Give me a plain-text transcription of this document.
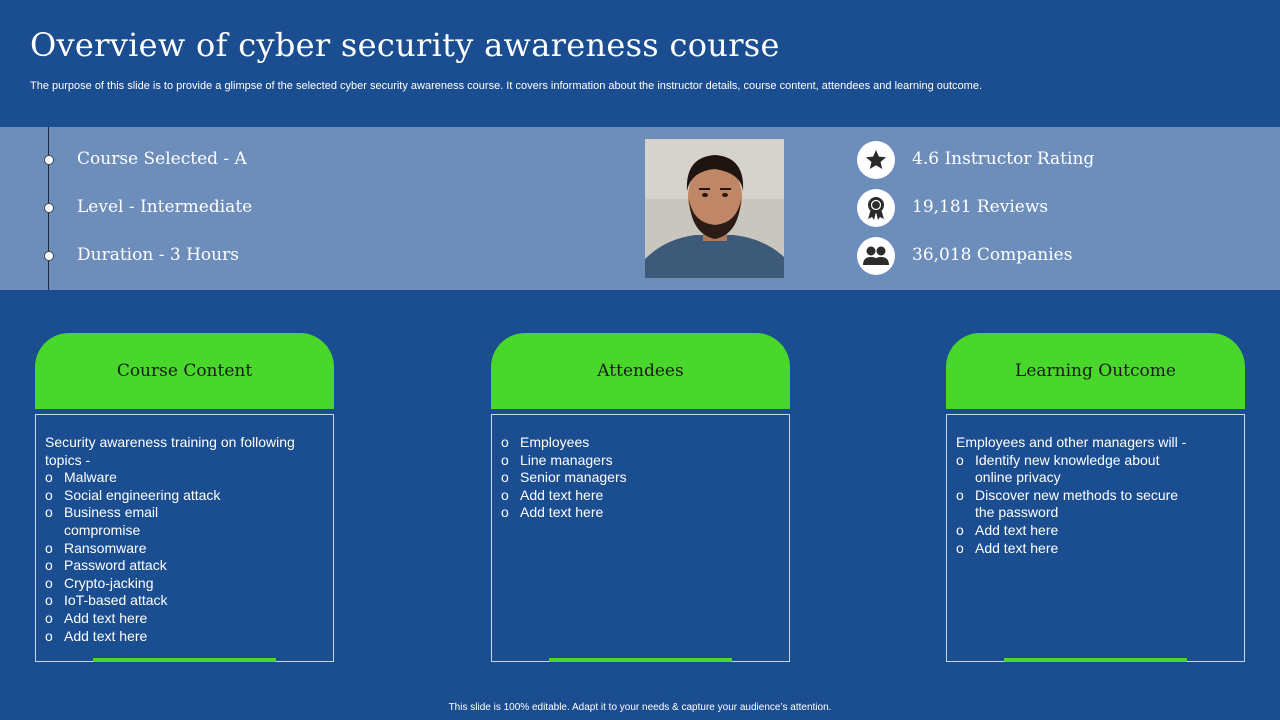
Overview of cyber security awareness course
The purpose of this slide is to provide a glimpse of the selected cyber security awareness course. It covers information about the instructor details, course content, attendees and learning outcome.
Course Selected - A
Level - Intermediate
Duration - 3 Hours
4.6 Instructor Rating
19,181 Reviews
36,018 Companies
Course Content
Security awareness training on following topics -
o Malware
o Social engineering attack
o Business email compromise
o Ransomware
o Password attack
o Crypto-jacking
o IoT-based attack
o Add text here
o Add text here
Attendees
o Employees
o Line managers
o Senior managers
o Add text here
o Add text here
Learning Outcome
Employees and other managers will -
o Identify new knowledge about online privacy
o Discover new methods to secure the password
o Add text here
o Add text here
This slide is 100% editable. Adapt it to your needs & capture your audience’s attention.
